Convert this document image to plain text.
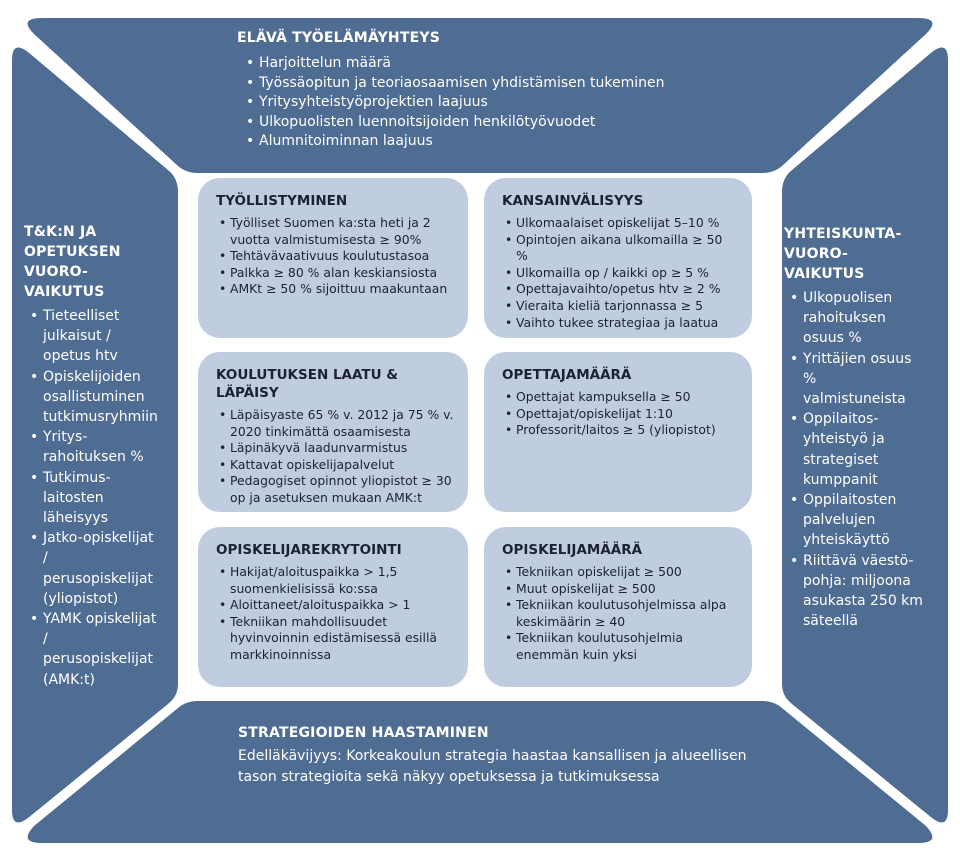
ELÄVÄ TYÖELÄMÄYHTEYS
• Harjoittelun määrä
• Työssäopitun ja teoriaosaamisen yhdistämisen tukeminen
• Yritysyhteistyöprojektien laajuus
• Ulkopuolisten luennoitsijoiden henkilötyövuodet
• Alumnitoiminnan laajuus
T&K:N JA
OPETUKSEN
VUORO-
VAIKUTUS
• Tieteelliset julkaisut / opetus htv
• Opiskelijoiden osallistuminen tutkimusryhmiin
• Yritys-rahoituksen %
• Tutkimus-laitosten läheisyys
• Jatko-opiskelijat / perusopiskelijat (yliopistot)
• YAMK opiskelijat / perusopiskelijat (AMK:t)
YHTEISKUNTA-
VUORO-
VAIKUTUS
• Ulkopuolisen rahoituksen osuus %
• Yrittäjien osuus % valmistuneista
• Oppilaitos-yhteistyö ja strategiset kumppanit
• Oppilaitosten palvelujen yhteiskäyttö
• Riittävä väestö-pohja: miljoona asukasta 250 km säteellä
STRATEGIOIDEN HAASTAMINEN
Edelläkävijyys: Korkeakoulun strategia haastaa kansallisen ja alueellisen tason strategioita sekä näkyy opetuksessa ja tutkimuksessa
TYÖLLISTYMINEN
• Työlliset Suomen ka:sta heti ja 2 vuotta valmistumisesta ≥ 90%
• Tehtävävaativuus koulutustasoa
• Palkka ≥ 80 % alan keskiansiosta
• AMKt ≥ 50 % sijoittuu maakuntaan
KANSAINVÄLISYYS
• Ulkomaalaiset opiskelijat 5–10 %
• Opintojen aikana ulkomailla ≥ 50 %
• Ulkomailla op / kaikki op ≥ 5 %
• Opettajavaihto/opetus htv ≥ 2 %
• Vieraita kieliä tarjonnassa ≥ 5
• Vaihto tukee strategiaa ja laatua
KOULUTUKSEN LAATU & LÄPÄISY
• Läpäisyaste 65 % v. 2012 ja 75 % v. 2020 tinkimättä osaamisesta
• Läpinäkyvä laadunvarmistus
• Kattavat opiskelijapalvelut
• Pedagogiset opinnot yliopistot ≥ 30 op ja asetuksen mukaan AMK:t
OPETTAJAMÄÄRÄ
• Opettajat kampuksella ≥ 50
• Opettajat/opiskelijat 1:10
• Professorit/laitos ≥ 5 (yliopistot)
OPISKELIJAREKRYTOINTI
• Hakijat/aloituspaikka > 1,5 suomenkielisissä ko:ssa
• Aloittaneet/aloituspaikka > 1
• Tekniikan mahdollisuudet hyvinvoinnin edistämisessä esillä markkinoinnissa
OPISKELIJAMÄÄRÄ
• Tekniikan opiskelijat ≥ 500
• Muut opiskelijat ≥ 500
• Tekniikan koulutusohjelmissa alpa keskimäärin ≥ 40
• Tekniikan koulutusohjelmia enemmän kuin yksi
